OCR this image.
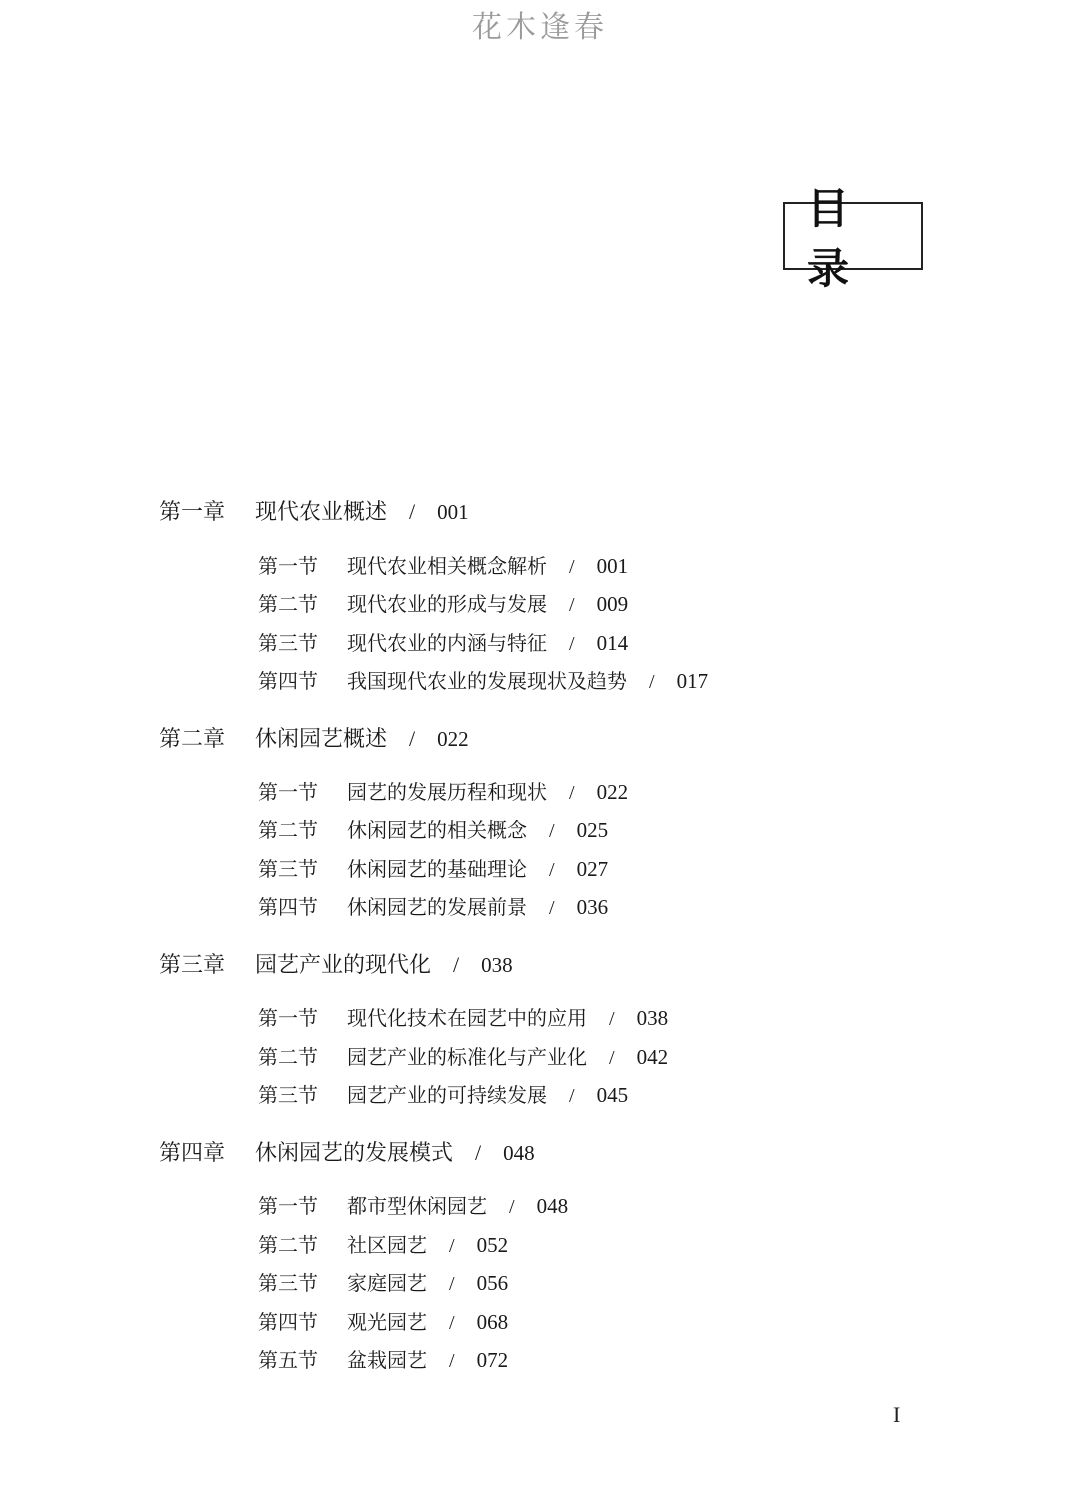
花木逢春
目 录
第一章	现代农业概述 / 001
第一节	现代农业相关概念解析 / 001
第二节	现代农业的形成与发展 / 009
第三节	现代农业的内涵与特征 / 014
第四节	我国现代农业的发展现状及趋势 / 017
第二章	休闲园艺概述 / 022
第一节	园艺的发展历程和现状 / 022
第二节	休闲园艺的相关概念 / 025
第三节	休闲园艺的基础理论 / 027
第四节	休闲园艺的发展前景 / 036
第三章	园艺产业的现代化 / 038
第一节	现代化技术在园艺中的应用 / 038
第二节	园艺产业的标准化与产业化 / 042
第三节	园艺产业的可持续发展 / 045
第四章	休闲园艺的发展模式 / 048
第一节	都市型休闲园艺 / 048
第二节	社区园艺 / 052
第三节	家庭园艺 / 056
第四节	观光园艺 / 068
第五节	盆栽园艺 / 072
I
